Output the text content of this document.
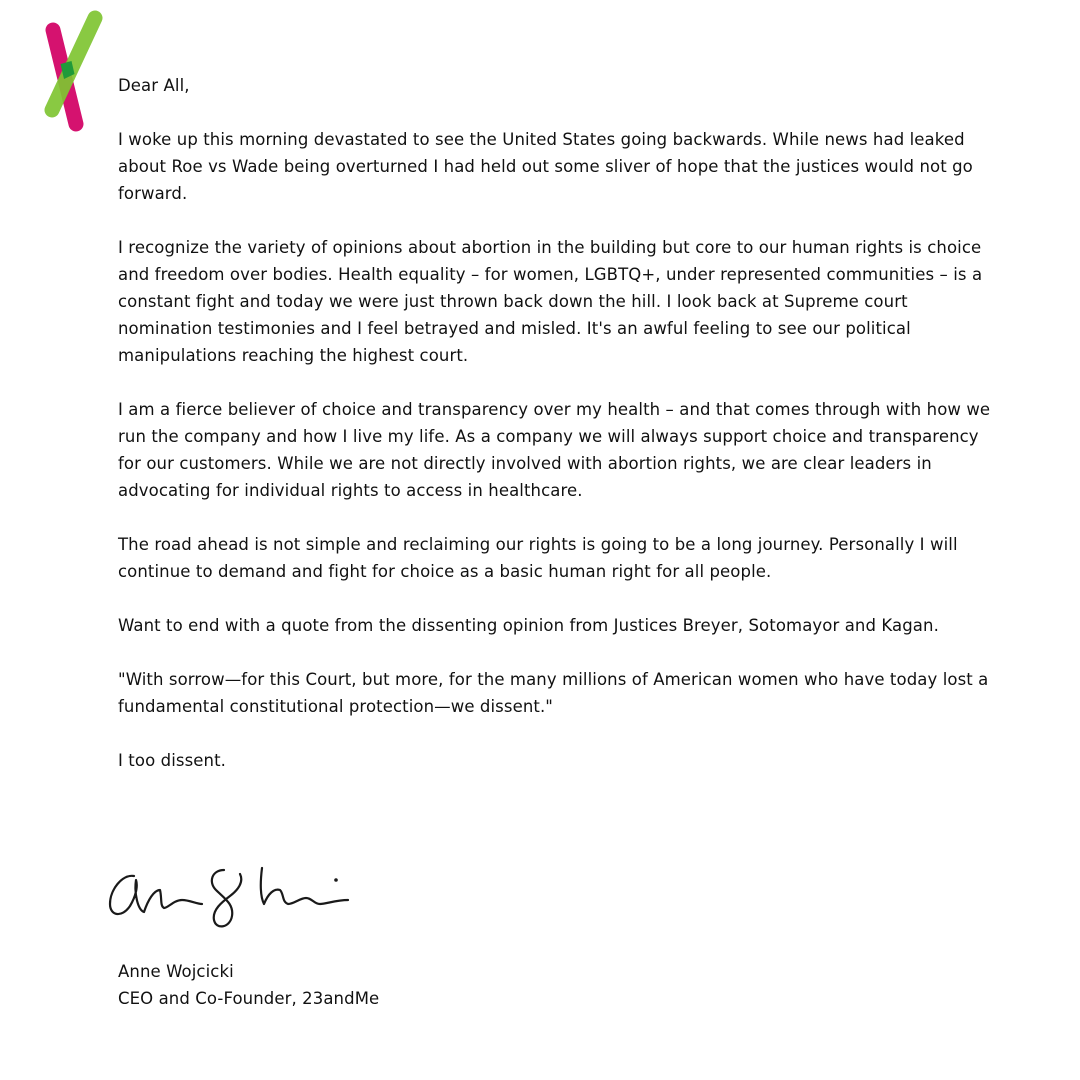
Dear All,

I woke up this morning devastated to see the United States going backwards. While news had leaked about Roe vs Wade being overturned I had held out some sliver of hope that the justices would not go forward.

I recognize the variety of opinions about abortion in the building but core to our human rights is choice and freedom over bodies. Health equality – for women, LGBTQ+, under represented communities – is a constant fight and today we were just thrown back down the hill. I look back at Supreme court nomination testimonies and I feel betrayed and misled. It's an awful feeling to see our political manipulations reaching the highest court.

I am a fierce believer of choice and transparency over my health – and that comes through with how we run the company and how I live my life. As a company we will always support choice and transparency for our customers. While we are not directly involved with abortion rights, we are clear leaders in advocating for individual rights to access in healthcare.

The road ahead is not simple and reclaiming our rights is going to be a long journey. Personally I will continue to demand and fight for choice as a basic human right for all people.

Want to end with a quote from the dissenting opinion from Justices Breyer, Sotomayor and Kagan.

"With sorrow—for this Court, but more, for the many millions of American women who have today lost a fundamental constitutional protection—we dissent."

I too dissent.

Anne Wojcicki
CEO and Co-Founder, 23andMe
